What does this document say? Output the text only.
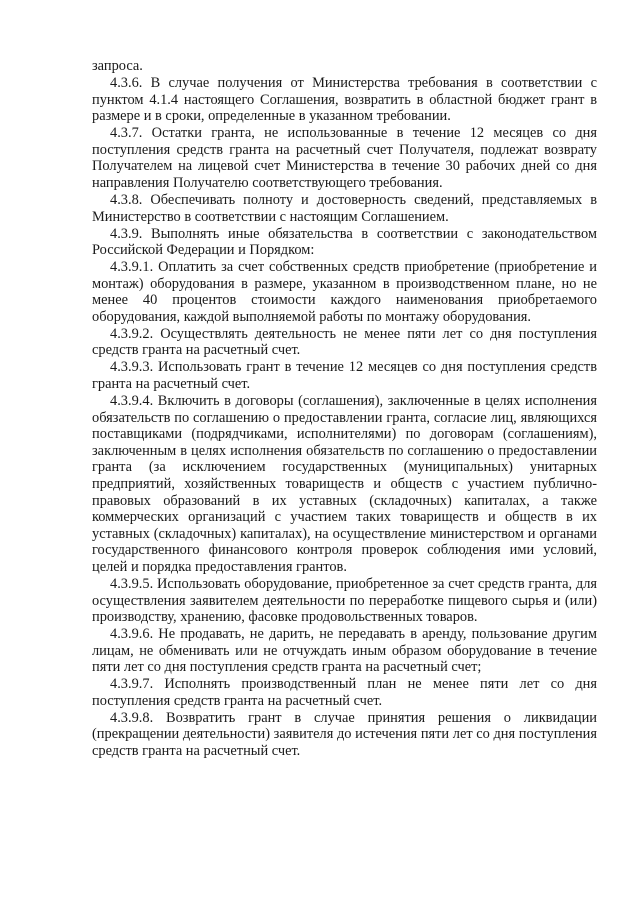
запроса.

4.3.6. В случае получения от Министерства требования в соответствии с пунктом 4.1.4 настоящего Соглашения, возвратить в областной бюджет грант в размере и в сроки, определенные в указанном требовании.

4.3.7. Остатки гранта, не использованные в течение 12 месяцев со дня поступления средств гранта на расчетный счет Получателя, подлежат возврату Получателем на лицевой счет Министерства в течение 30 рабочих дней со дня направления Получателю соответствующего требования.

4.3.8. Обеспечивать полноту и достоверность сведений, представляемых в Министерство в соответствии с настоящим Соглашением.

4.3.9. Выполнять иные обязательства в соответствии с законодательством Российской Федерации и Порядком:

4.3.9.1. Оплатить за счет собственных средств приобретение (приобретение и монтаж) оборудования в размере, указанном в производственном плане, но не менее 40 процентов стоимости каждого наименования приобретаемого оборудования, каждой выполняемой работы по монтажу оборудования.

4.3.9.2. Осуществлять деятельность не менее пяти лет со дня поступления средств гранта на расчетный счет.

4.3.9.3. Использовать грант в течение 12 месяцев со дня поступления средств гранта на расчетный счет.

4.3.9.4. Включить в договоры (соглашения), заключенные в целях исполнения обязательств по соглашению о предоставлении гранта, согласие лиц, являющихся поставщиками (подрядчиками, исполнителями) по договорам (соглашениям), заключенным в целях исполнения обязательств по соглашению о предоставлении гранта (за исключением государственных (муниципальных) унитарных предприятий, хозяйственных товариществ и обществ с участием публично-правовых образований в их уставных (складочных) капиталах, а также коммерческих организаций с участием таких товариществ и обществ в их уставных (складочных) капиталах), на осуществление министерством и органами государственного финансового контроля проверок соблюдения ими условий, целей и порядка предоставления грантов.

4.3.9.5. Использовать оборудование, приобретенное за счет средств гранта, для осуществления заявителем деятельности по переработке пищевого сырья и (или) производству, хранению, фасовке продовольственных товаров.

4.3.9.6. Не продавать, не дарить, не передавать в аренду, пользование другим лицам, не обменивать или не отчуждать иным образом оборудование в течение пяти лет со дня поступления средств гранта на расчетный счет;

4.3.9.7. Исполнять производственный план не менее пяти лет со дня поступления средств гранта на расчетный счет.

4.3.9.8. Возвратить грант в случае принятия решения о ликвидации (прекращении деятельности) заявителя до истечения пяти лет со дня поступления средств гранта на расчетный счет.
